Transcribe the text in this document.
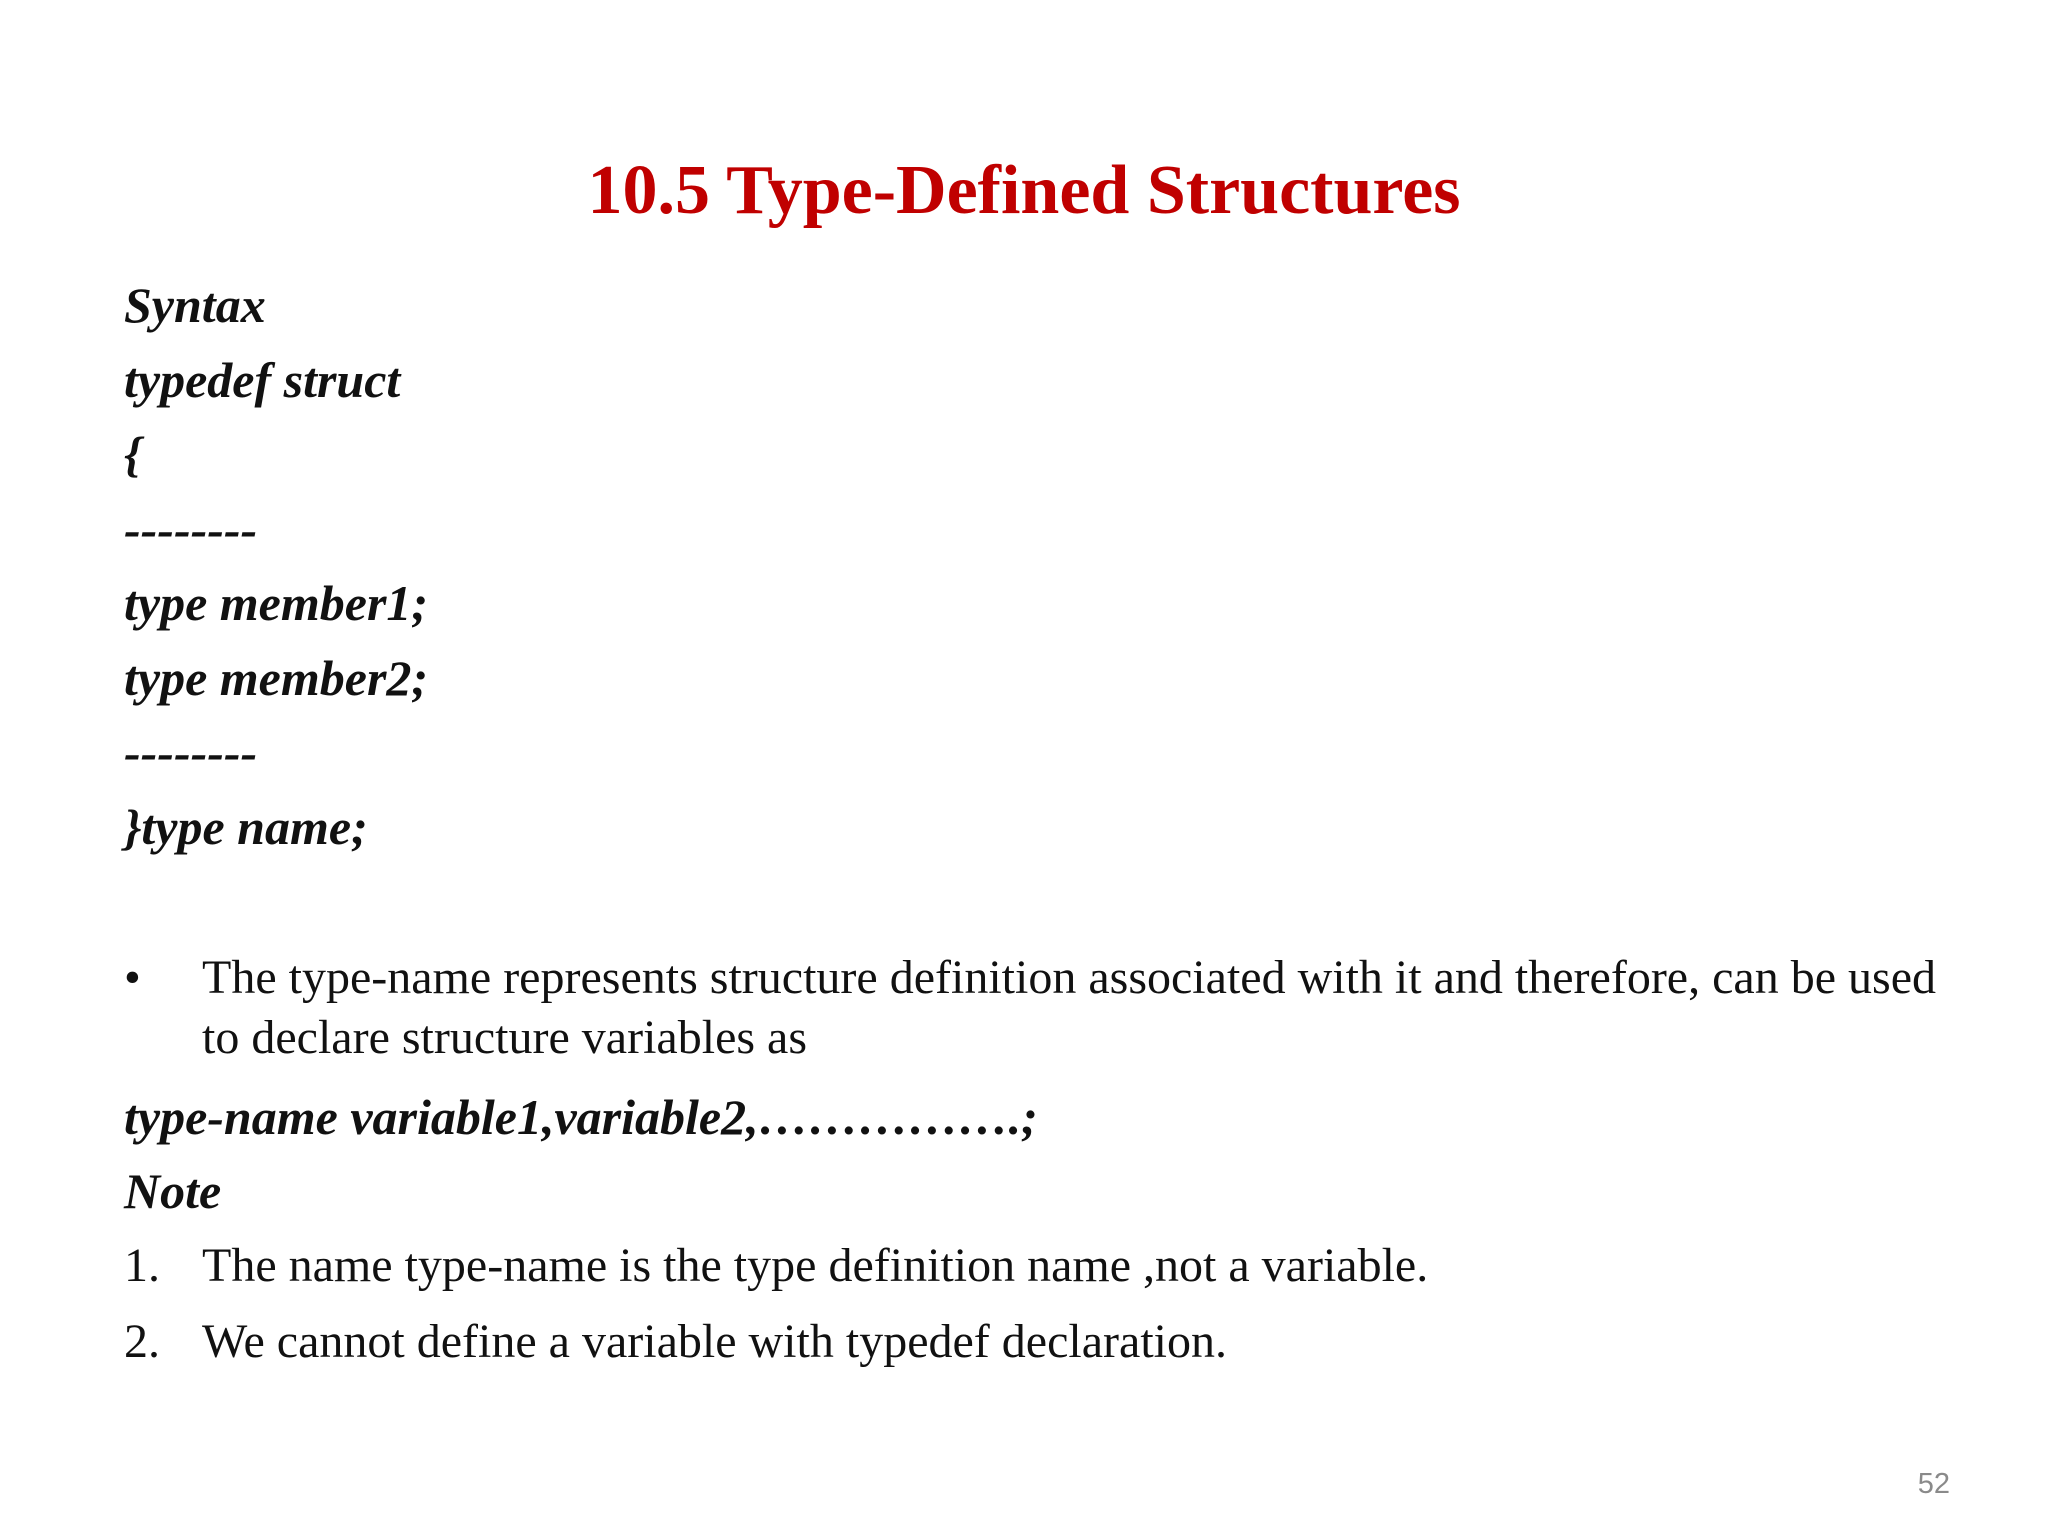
10.5 Type-Defined Structures
Syntax
typedef struct
{
--------
type member1;
type member2;
--------
}type name;
•	The type-name represents structure definition associated with it and therefore, can be used to declare structure variables as
type-name variable1,variable2,…………….;
Note
1. The name type-name is the type definition name ,not a variable.
2. We cannot define a variable with typedef declaration.
52
